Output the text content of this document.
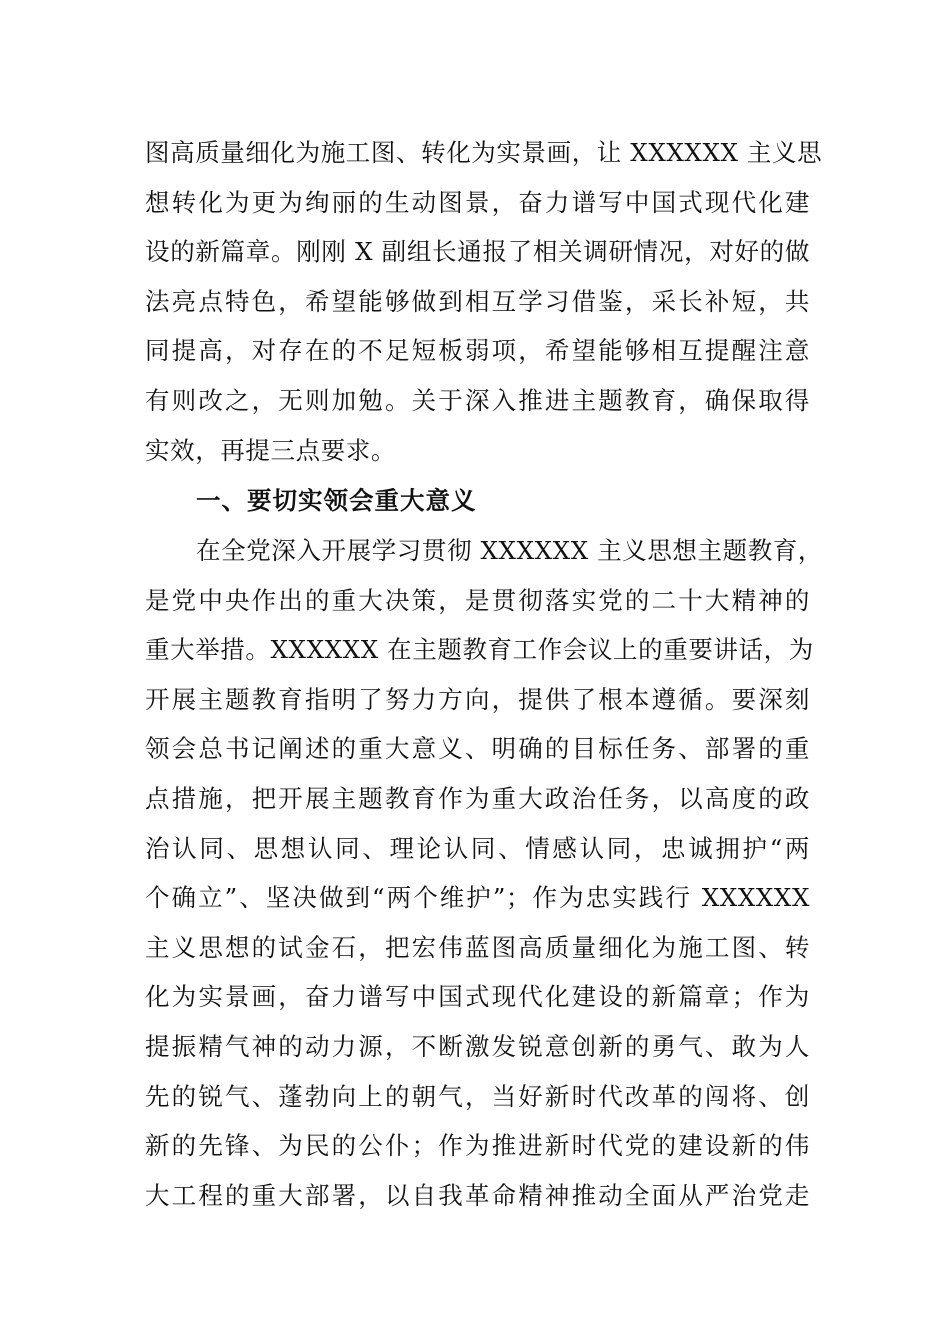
图高质量细化为施工图、转化为实景画，让 XXXXXX 主义思
想转化为更为绚丽的生动图景，奋力谱写中国式现代化建
设的新篇章。刚刚 X 副组长通报了相关调研情况，对好的做
法亮点特色，希望能够做到相互学习借鉴，采长补短，共
同提高，对存在的不足短板弱项，希望能够相互提醒注意
有则改之，无则加勉。关于深入推进主题教育，确保取得
实效，再提三点要求。
一、要切实领会重大意义
在全党深入开展学习贯彻 XXXXXX 主义思想主题教育，
是党中央作出的重大决策，是贯彻落实党的二十大精神的
重大举措。XXXXXX 在主题教育工作会议上的重要讲话，为
开展主题教育指明了努力方向，提供了根本遵循。要深刻
领会总书记阐述的重大意义、明确的目标任务、部署的重
点措施，把开展主题教育作为重大政治任务，以高度的政
治认同、思想认同、理论认同、情感认同，忠诚拥护“两
个确立”、坚决做到“两个维护”；作为忠实践行 XXXXXX
主义思想的试金石，把宏伟蓝图高质量细化为施工图、转
化为实景画，奋力谱写中国式现代化建设的新篇章；作为
提振精气神的动力源，不断激发锐意创新的勇气、敢为人
先的锐气、蓬勃向上的朝气，当好新时代改革的闯将、创
新的先锋、为民的公仆；作为推进新时代党的建设新的伟
大工程的重大部署，以自我革命精神推动全面从严治党走
